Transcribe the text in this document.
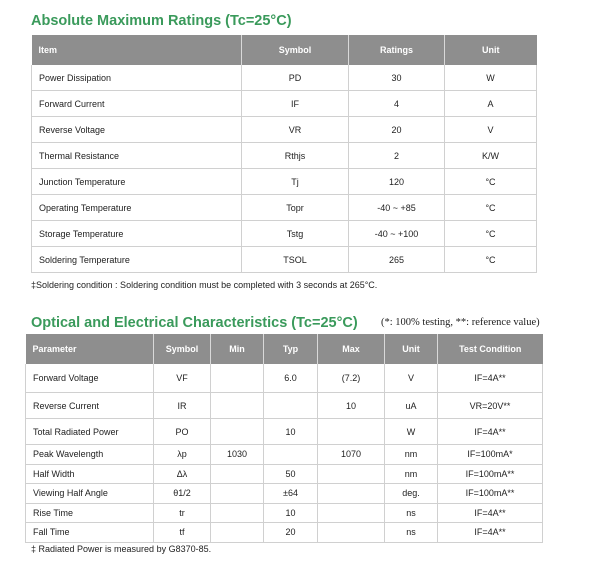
Absolute Maximum Ratings (Tc=25°C)
Item	Symbol	Ratings	Unit
Power Dissipation	PD	30	W
Forward Current	IF	4	A
Reverse Voltage	VR	20	V
Thermal Resistance	Rthjs	2	K/W
Junction Temperature	Tj	120	°C
Operating Temperature	Topr	-40 ~ +85	°C
Storage Temperature	Tstg	-40 ~ +100	°C
Soldering Temperature	TSOL	265	°C
‡Soldering condition : Soldering condition must be completed with 3 seconds at 265°C.
Optical and Electrical Characteristics (Tc=25°C) (*: 100% testing, **: reference value)
Parameter	Symbol	Min	Typ	Max	Unit	Test Condition
Forward Voltage	VF		6.0	(7.2)	V	IF=4A**
Reverse Current	IR			10	uA	VR=20V**
Total Radiated Power	PO		10		W	IF=4A**
Peak Wavelength	λp	1030		1070	nm	IF=100mA*
Half Width	Δλ		50		nm	IF=100mA**
Viewing Half Angle	θ1/2		±64		deg.	IF=100mA**
Rise Time	tr		10		ns	IF=4A**
Fall Time	tf		20		ns	IF=4A**
‡ Radiated Power is measured by G8370-85.
